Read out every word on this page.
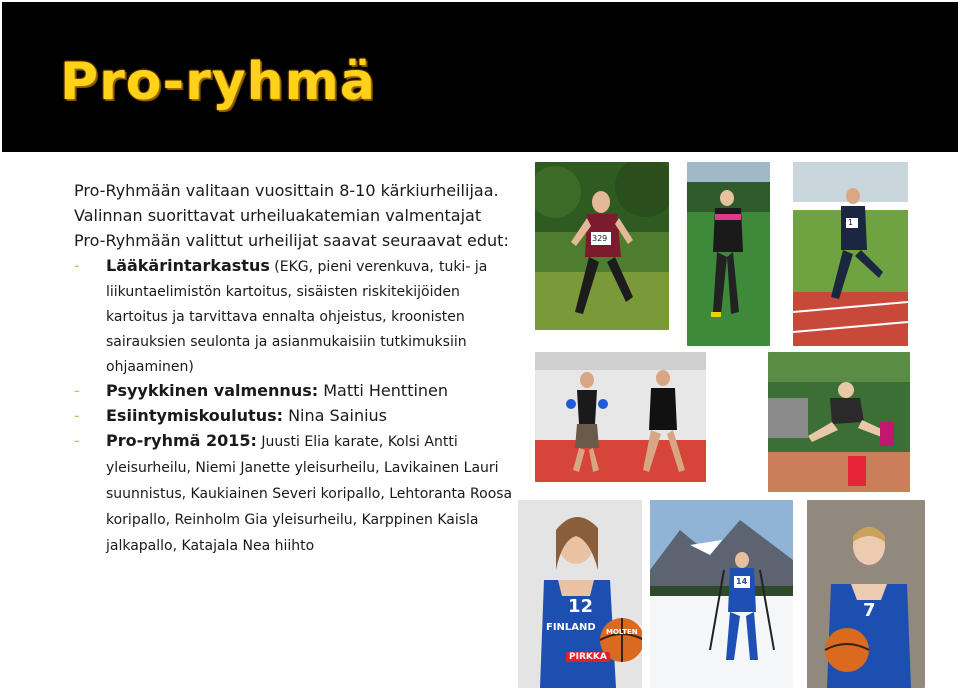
Pro-ryhmä

Pro-Ryhmään valitaan vuosittain 8-10 kärkiurheilijaa. Valinnan suorittavat urheiluakatemian valmentajat Pro-Ryhmään valittut urheilijat saavat seuraavat edut:

- Lääkärintarkastus (EKG, pieni verenkuva, tuki- ja liikuntaelimistön kartoitus, sisäisten riskitekijöiden kartoitus ja tarvittava ennalta ohjeistus, kroonisten sairauksien seulonta ja asianmukaisiin tutkimuksiin ohjaaminen)
- Psyykkinen valmennus: Matti Henttinen
- Esiintymiskoulutus: Nina Sainius
- Pro-ryhmä 2015: Juusti Elia karate, Kolsi Antti yleisurheilu, Niemi Janette yleisurheilu, Lavikainen Lauri suunnistus, Kaukiainen Severi koripallo, Lehtoranta Roosa koripallo, Reinholm Gia yleisurheilu, Karppinen Kaisla jalkapallo, Katajala Nea hiihto
329
1
12
FINLAND MOLTEN
PIRKKA
14
7
